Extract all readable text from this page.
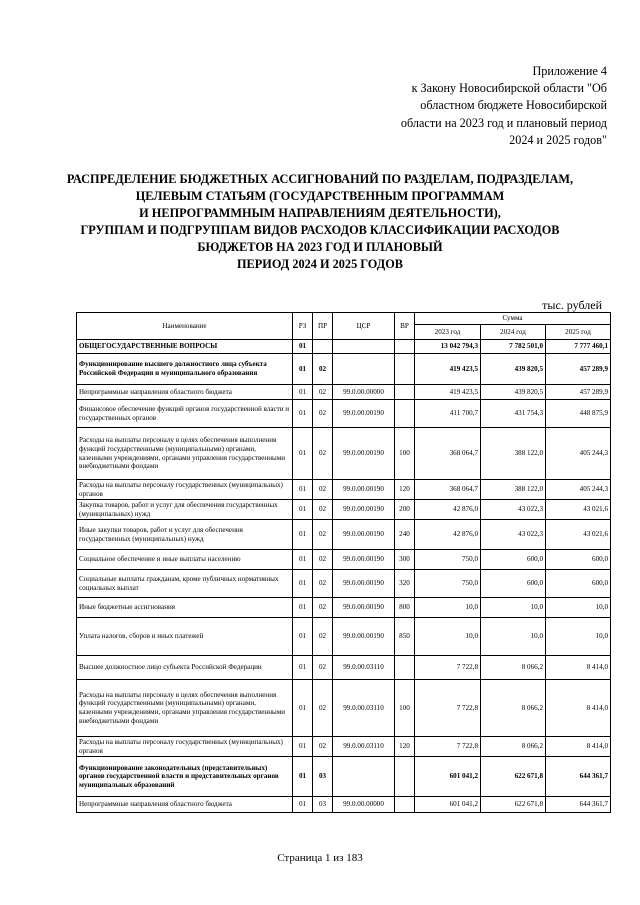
Приложение 4
к Закону Новосибирской области "Об
областном бюджете Новосибирской
области на 2023 год и плановый период
2024 и 2025 годов"
РАСПРЕДЕЛЕНИЕ БЮДЖЕТНЫХ АССИГНОВАНИЙ ПО РАЗДЕЛАМ, ПОДРАЗДЕЛАМ,
ЦЕЛЕВЫМ СТАТЬЯМ (ГОСУДАРСТВЕННЫМ ПРОГРАММАМ
И НЕПРОГРАММНЫМ НАПРАВЛЕНИЯМ ДЕЯТЕЛЬНОСТИ),
ГРУППАМ И ПОДГРУППАМ ВИДОВ РАСХОДОВ КЛАССИФИКАЦИИ РАСХОДОВ
БЮДЖЕТОВ НА 2023 ГОД И ПЛАНОВЫЙ
ПЕРИОД 2024 И 2025 ГОДОВ
тыс. рублей
Наименование	РЗ	ПР	ЦСР	ВР	Сумма		
					2023 год	2024 год	2025 год
ОБЩЕГОСУДАРСТВЕННЫЕ ВОПРОСЫ	01				13 042 794,3	7 782 501,0	7 777 460,1
Функционирование высшего должностного лица субъекта Российской Федерации и муниципального образования	01	02			419 423,5	439 820,5	457 289,9
Непрограммные направления областного бюджета	01	02	99.0.00.00000		419 423,5	439 820,5	457 289,9
Финансовое обеспечение функций органов государственной власти и государственных органов	01	02	99.0.00.00190		411 700,7	431 754,3	448 875,9
Расходы на выплаты персоналу в целях обеспечения выполнения функций государственными (муниципальными) органами, казенными учреждениями, органами управления государственными внебюджетными фондами	01	02	99.0.00.00190	100	368 064,7	388 122,0	405 244,3
Расходы на выплаты персоналу государственных (муниципальных) органов	01	02	99.0.00.00190	120	368 064,7	388 122,0	405 244,3
Закупка товаров, работ и услуг для обеспечения государственных (муниципальных) нужд	01	02	99.0.00.00190	200	42 876,0	43 022,3	43 021,6
Иные закупки товаров, работ и услуг для обеспечения государственных (муниципальных) нужд	01	02	99.0.00.00190	240	42 876,0	43 022,3	43 021,6
Социальное обеспечение и иные выплаты населению	01	02	99.0.00.00190	300	750,0	600,0	600,0
Социальные выплаты гражданам, кроме публичных нормативных социальных выплат	01	02	99.0.00.00190	320	750,0	600,0	600,0
Иные бюджетные ассигнования	01	02	99.0.00.00190	800	10,0	10,0	10,0
Уплата налогов, сборов и иных платежей	01	02	99.0.00.00190	850	10,0	10,0	10,0
Высшее должностное лицо субъекта Российской Федерации	01	02	99.0.00.03110		7 722,8	8 066,2	8 414,0
Расходы на выплаты персоналу в целях обеспечения выполнения функций государственными (муниципальными) органами, казенными учреждениями, органами управления государственными внебюджетными фондами	01	02	99.0.00.03110	100	7 722,8	8 066,2	8 414,0
Расходы на выплаты персоналу государственных (муниципальных) органов	01	02	99.0.00.03110	120	7 722,8	8 066,2	8 414,0
Функционирование законодательных (представительных) органов государственной власти и представительных органов муниципальных образований	01	03			601 041,2	622 671,8	644 361,7
Непрограммные направления областного бюджета	01	03	99.0.00.00000		601 041,2	622 671,8	644 361,7
Страница 1 из 183
